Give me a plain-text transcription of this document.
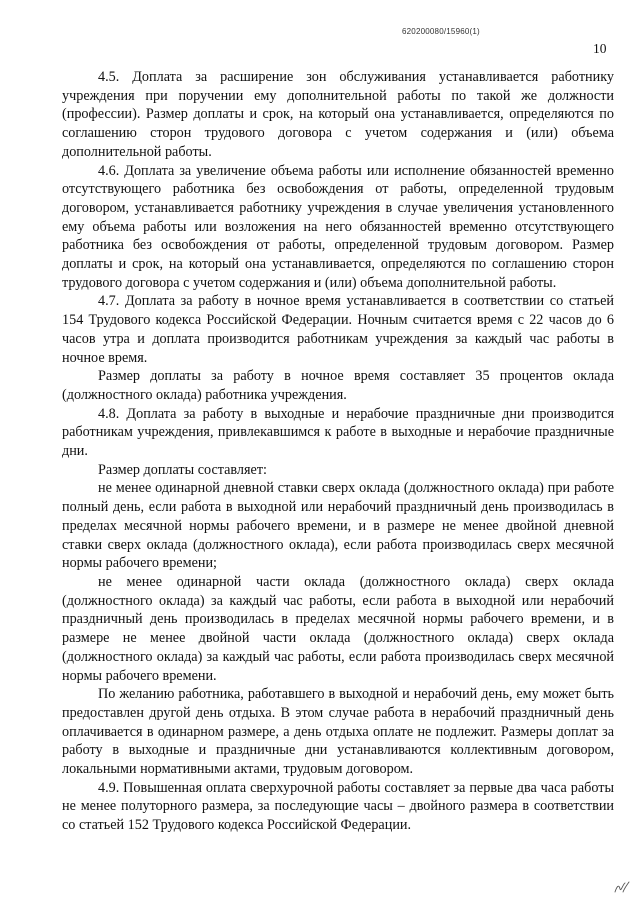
620200080/15960(1)
10

4.5. Доплата за расширение зон обслуживания устанавливается работнику учреждения при поручении ему дополнительной работы по такой же должности (профессии). Размер доплаты и срок, на который она устанавливается, определяются по соглашению сторон трудового договора с учетом содержания и (или) объема дополнительной работы.

4.6. Доплата за увеличение объема работы или исполнение обязанностей временно отсутствующего работника без освобождения от работы, определенной трудовым договором, устанавливается работнику учреждения в случае увеличения установленного ему объема работы или возложения на него обязанностей временно отсутствующего работника без освобождения от работы, определенной трудовым договором. Размер доплаты и срок, на который она устанавливается, определяются по соглашению сторон трудового договора с учетом содержания и (или) объема дополнительной работы.

4.7. Доплата за работу в ночное время устанавливается в соответствии со статьей 154 Трудового кодекса Российской Федерации. Ночным считается время с 22 часов до 6 часов утра и доплата производится работникам учреждения за каждый час работы в ночное время.

Размер доплаты за работу в ночное время составляет 35 процентов оклада (должностного оклада) работника учреждения.

4.8. Доплата за работу в выходные и нерабочие праздничные дни производится работникам учреждения, привлекавшимся к работе в выходные и нерабочие праздничные дни.

Размер доплаты составляет:

не менее одинарной дневной ставки сверх оклада (должностного оклада) при работе полный день, если работа в выходной или нерабочий праздничный день производилась в пределах месячной нормы рабочего времени, и в размере не менее двойной дневной ставки сверх оклада (должностного оклада), если работа производилась сверх месячной нормы рабочего времени;

не менее одинарной части оклада (должностного оклада) сверх оклада (должностного оклада) за каждый час работы, если работа в выходной или нерабочий праздничный день производилась в пределах месячной нормы рабочего времени, и в размере не менее двойной части оклада (должностного оклада) сверх оклада (должностного оклада) за каждый час работы, если работа производилась сверх месячной нормы рабочего времени.

По желанию работника, работавшего в выходной и нерабочий день, ему может быть предоставлен другой день отдыха. В этом случае работа в нерабочий праздничный день оплачивается в одинарном размере, а день отдыха оплате не подлежит. Размеры доплат за работу в выходные и праздничные дни устанавливаются коллективным договором, локальными нормативными актами, трудовым договором.

4.9. Повышенная оплата сверхурочной работы составляет за первые два часа работы не менее полуторного размера, за последующие часы – двойного размера в соответствии со статьей 152 Трудового кодекса Российской Федерации.
